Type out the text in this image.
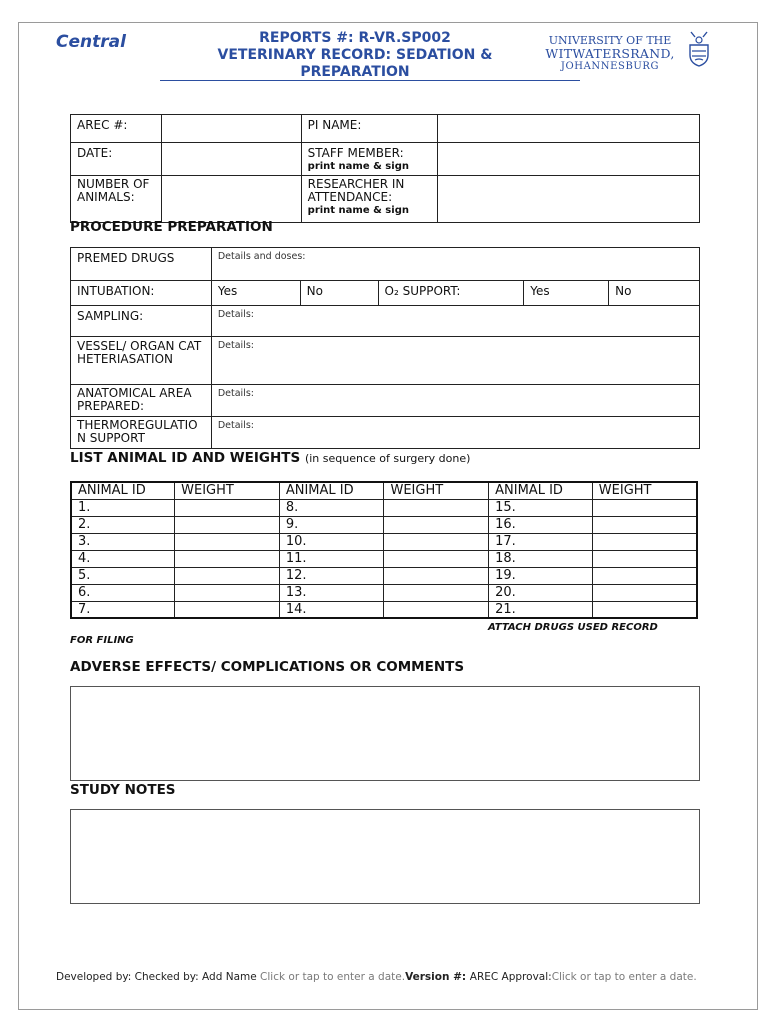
Central	REPORTS #: R-VR.SP002
VETERINARY RECORD: SEDATION &
PREPARATION
UNIVERSITY OF THE
WITWATERSRAND,
JOHANNESBURG
AREC #:		PI NAME:	
DATE:		STAFF MEMBER:
print name & sign	

NUMBER OF ANIMALS:		RESEARCHER IN ATTENDANCE:
print name & sign	

PROCEDURE PREPARATION
PREMED DRUGS	Details and doses:				

INTUBATION:	Yes	No	O₂ SUPPORT:	Yes	No
SAMPLING:	Details:				

VESSEL/ ORGAN CATHETERIASATION	Details:				

ANATOMICAL AREA PREPARED:	Details:				

THERMOREGULATION SUPPORT	Details:				
LIST ANIMAL ID AND WEIGHTS (in sequence of surgery done)
ANIMAL ID	WEIGHT	ANIMAL ID	WEIGHT	ANIMAL ID	WEIGHT
1.		8.		15.	
2.		9.		16.	
3.		10.		17.	
4.		11.		18.	
5.		12.		19.	
6.		13.		20.	
7.		14.		21.	
ATTACH DRUGS USED RECORD
FOR FILING
ADVERSE EFFECTS/ COMPLICATIONS OR COMMENTS
STUDY NOTES
Developed by: Checked by: Add Name Click or tap to enter a date.Version #: AREC Approval:Click or tap to enter a date.
